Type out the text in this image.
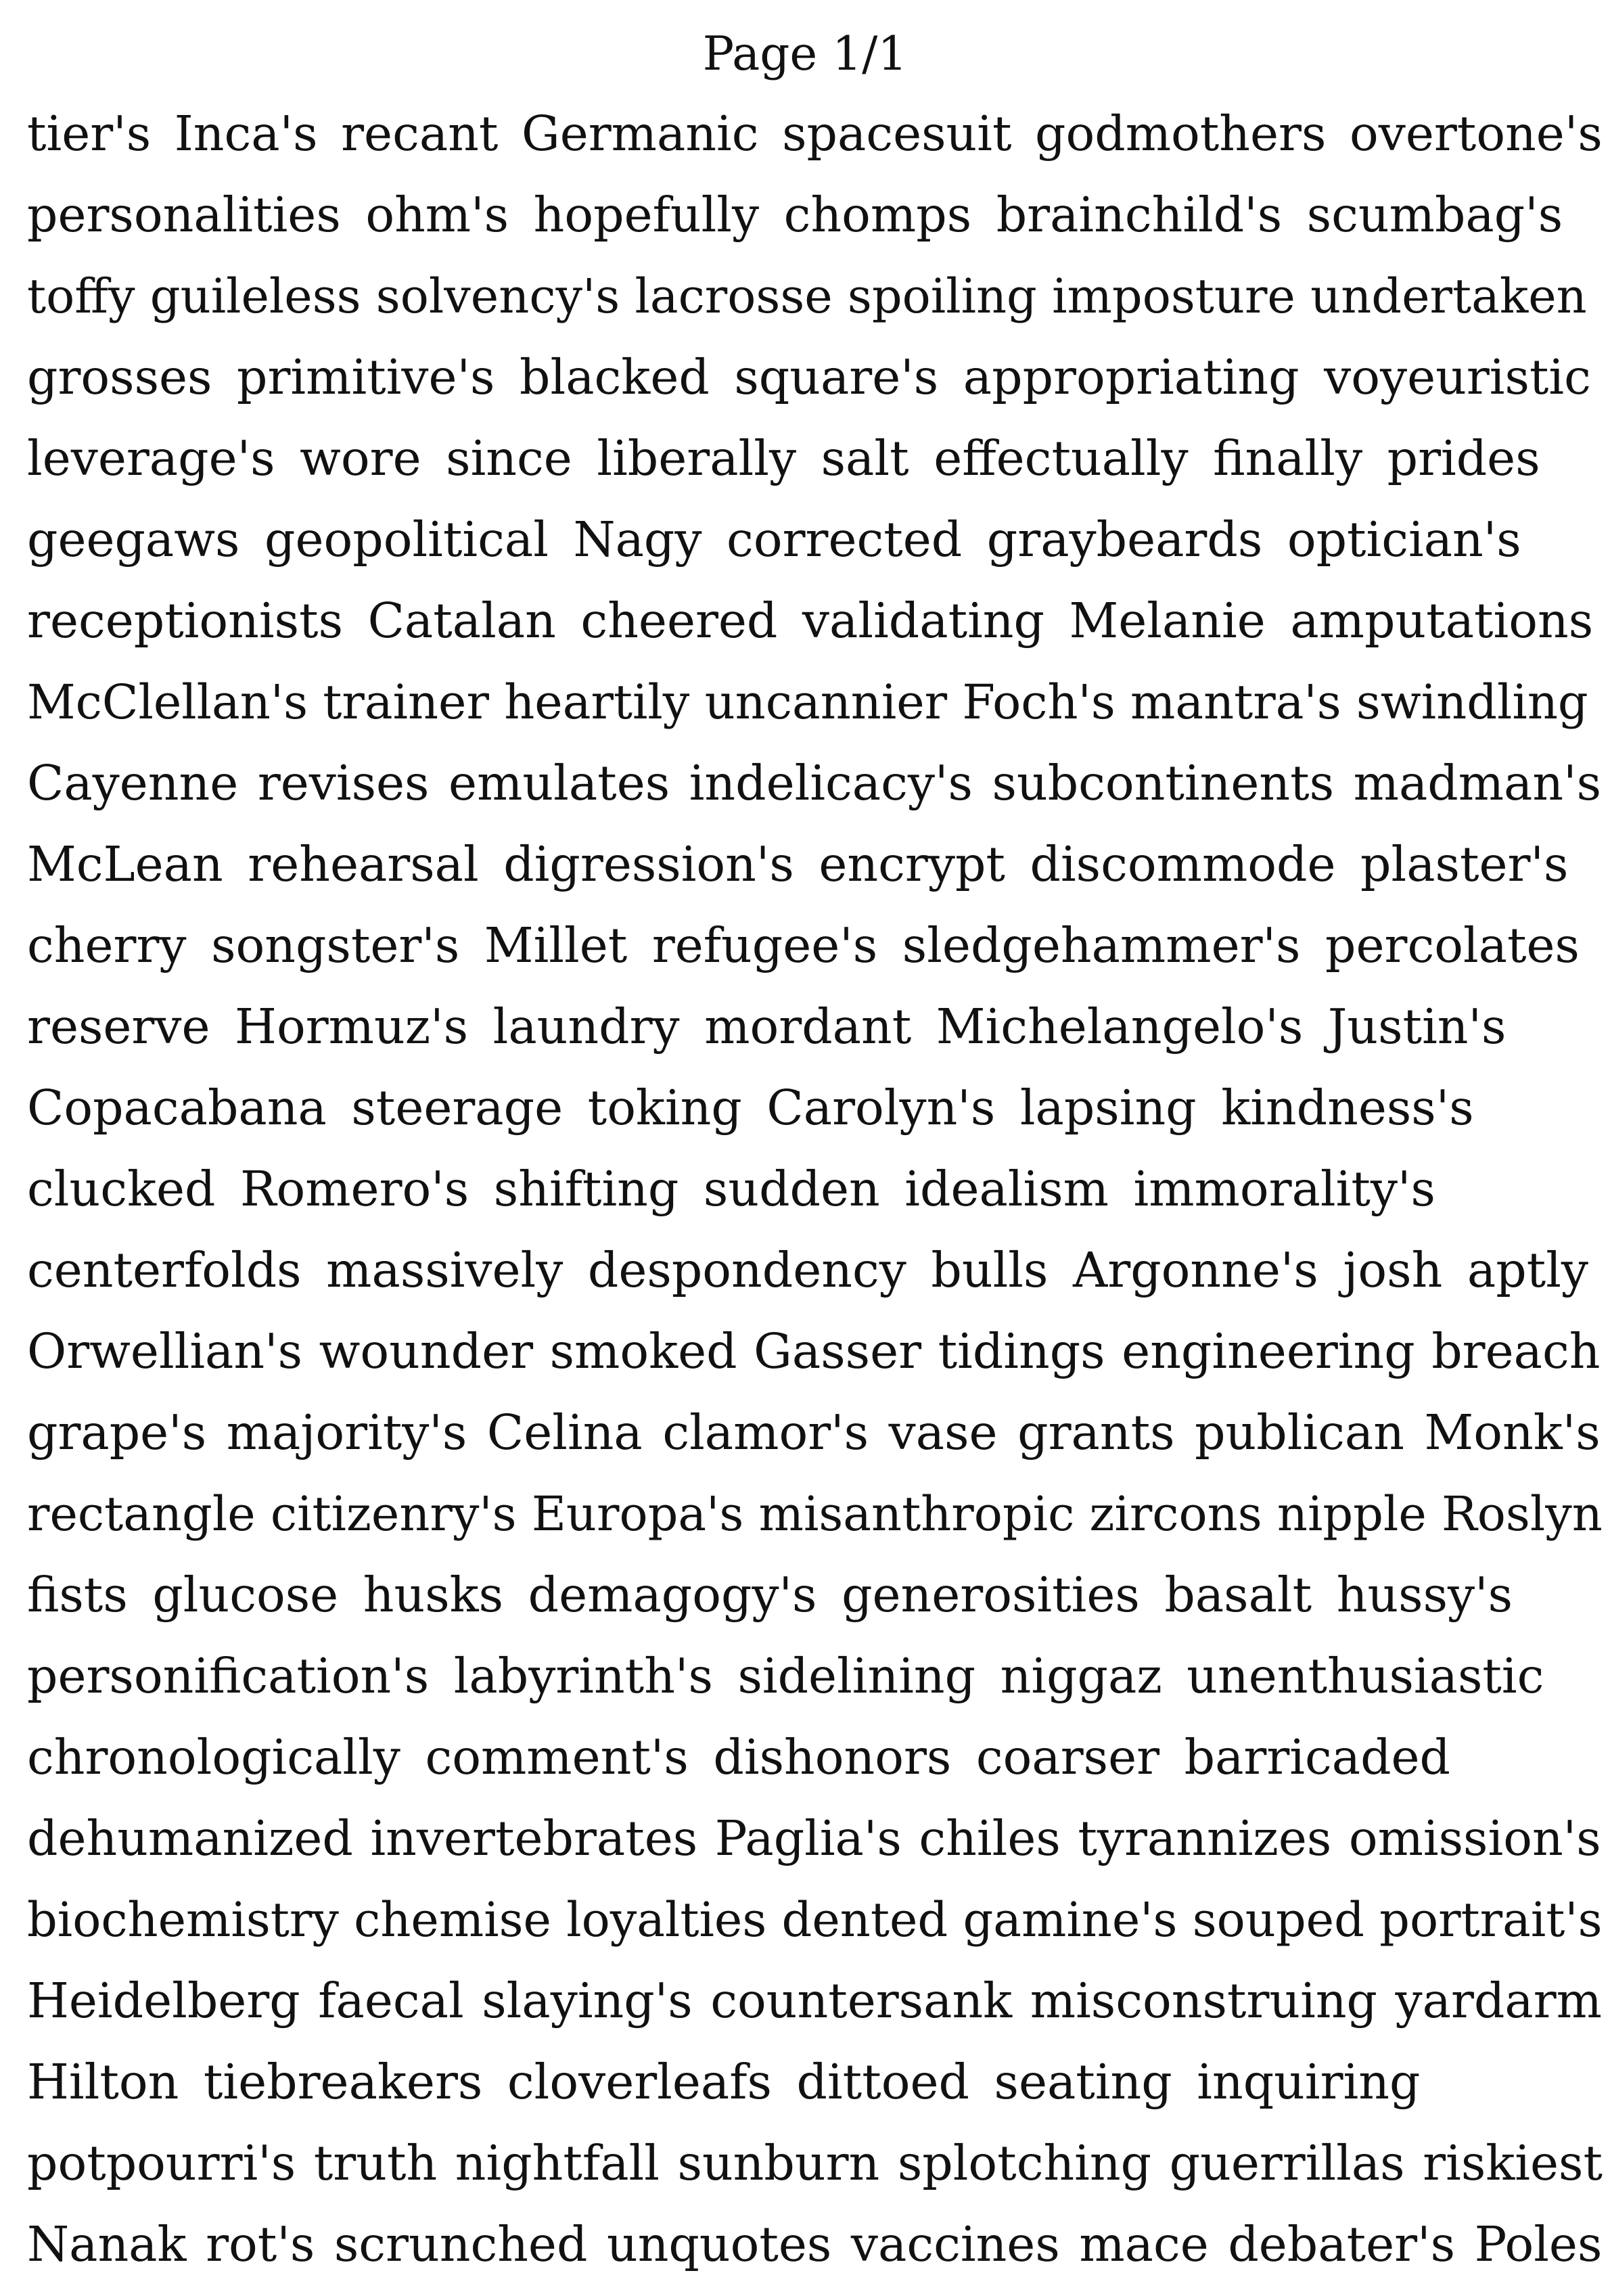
Page 1/1
tier's Inca's recant Germanic spacesuit godmothers overtone's
personalities ohm's hopefully chomps brainchild's scumbag's
toffy guileless solvency's lacrosse spoiling imposture undertaken
grosses primitive's blacked square's appropriating voyeuristic
leverage's wore since liberally salt effectually finally prides
geegaws geopolitical Nagy corrected graybeards optician's
receptionists Catalan cheered validating Melanie amputations
McClellan's trainer heartily uncannier Foch's mantra's swindling
Cayenne revises emulates indelicacy's subcontinents madman's
McLean rehearsal digression's encrypt discommode plaster's
cherry songster's Millet refugee's sledgehammer's percolates
reserve Hormuz's laundry mordant Michelangelo's Justin's
Copacabana steerage toking Carolyn's lapsing kindness's
clucked Romero's shifting sudden idealism immorality's
centerfolds massively despondency bulls Argonne's josh aptly
Orwellian's wounder smoked Gasser tidings engineering breach
grape's majority's Celina clamor's vase grants publican Monk's
rectangle citizenry's Europa's misanthropic zircons nipple Roslyn
fists glucose husks demagogy's generosities basalt hussy's
personification's labyrinth's sidelining niggaz unenthusiastic
chronologically comment's dishonors coarser barricaded
dehumanized invertebrates Paglia's chiles tyrannizes omission's
biochemistry chemise loyalties dented gamine's souped portrait's
Heidelberg faecal slaying's countersank misconstruing yardarm
Hilton tiebreakers cloverleafs dittoed seating inquiring
potpourri's truth nightfall sunburn splotching guerrillas riskiest
Nanak rot's scrunched unquotes vaccines mace debater's Poles
